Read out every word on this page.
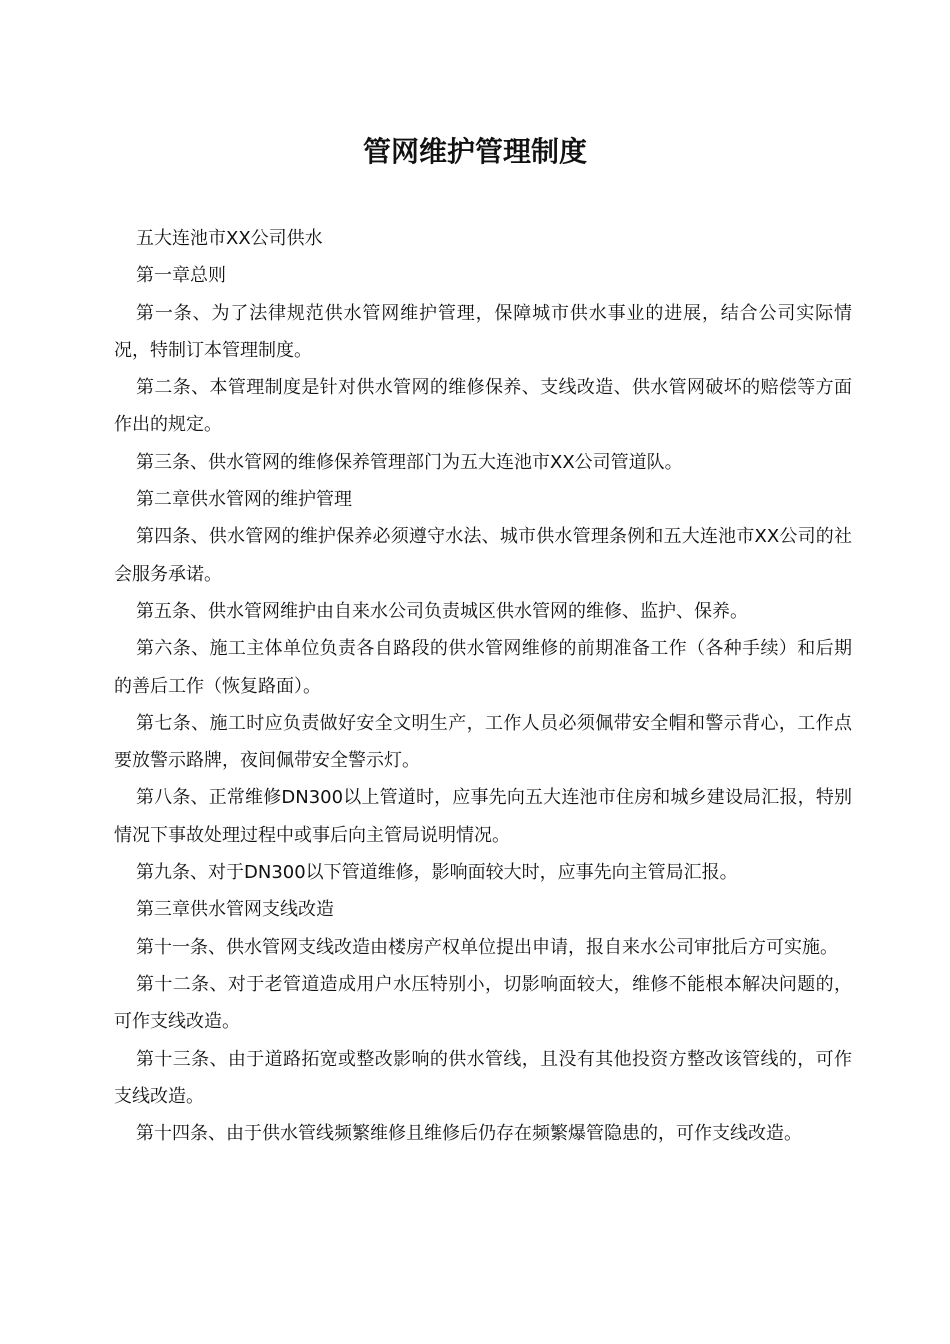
管网维护管理制度

五大连池市XX公司供水

第一章总则

第一条、为了法律规范供水管网维护管理，保障城市供水事业的进展，结合公司实际情况，特制订本管理制度。

第二条、本管理制度是针对供水管网的维修保养、支线改造、供水管网破坏的赔偿等方面作出的规定。

第三条、供水管网的维修保养管理部门为五大连池市XX公司管道队。

第二章供水管网的维护管理

第四条、供水管网的维护保养必须遵守水法、城市供水管理条例和五大连池市XX公司的社会服务承诺。

第五条、供水管网维护由自来水公司负责城区供水管网的维修、监护、保养。

第六条、施工主体单位负责各自路段的供水管网维修的前期准备工作（各种手续）和后期的善后工作（恢复路面）。

第七条、施工时应负责做好安全文明生产，工作人员必须佩带安全帽和警示背心，工作点要放警示路牌，夜间佩带安全警示灯。

第八条、正常维修DN300以上管道时，应事先向五大连池市住房和城乡建设局汇报，特别情况下事故处理过程中或事后向主管局说明情况。

第九条、对于DN300以下管道维修，影响面较大时，应事先向主管局汇报。

第三章供水管网支线改造

第十一条、供水管网支线改造由楼房产权单位提出申请，报自来水公司审批后方可实施。

第十二条、对于老管道造成用户水压特别小，切影响面较大，维修不能根本解决问题的，可作支线改造。

第十三条、由于道路拓宽或整改影响的供水管线，且没有其他投资方整改该管线的，可作支线改造。

第十四条、由于供水管线频繁维修且维修后仍存在频繁爆管隐患的，可作支线改造。
